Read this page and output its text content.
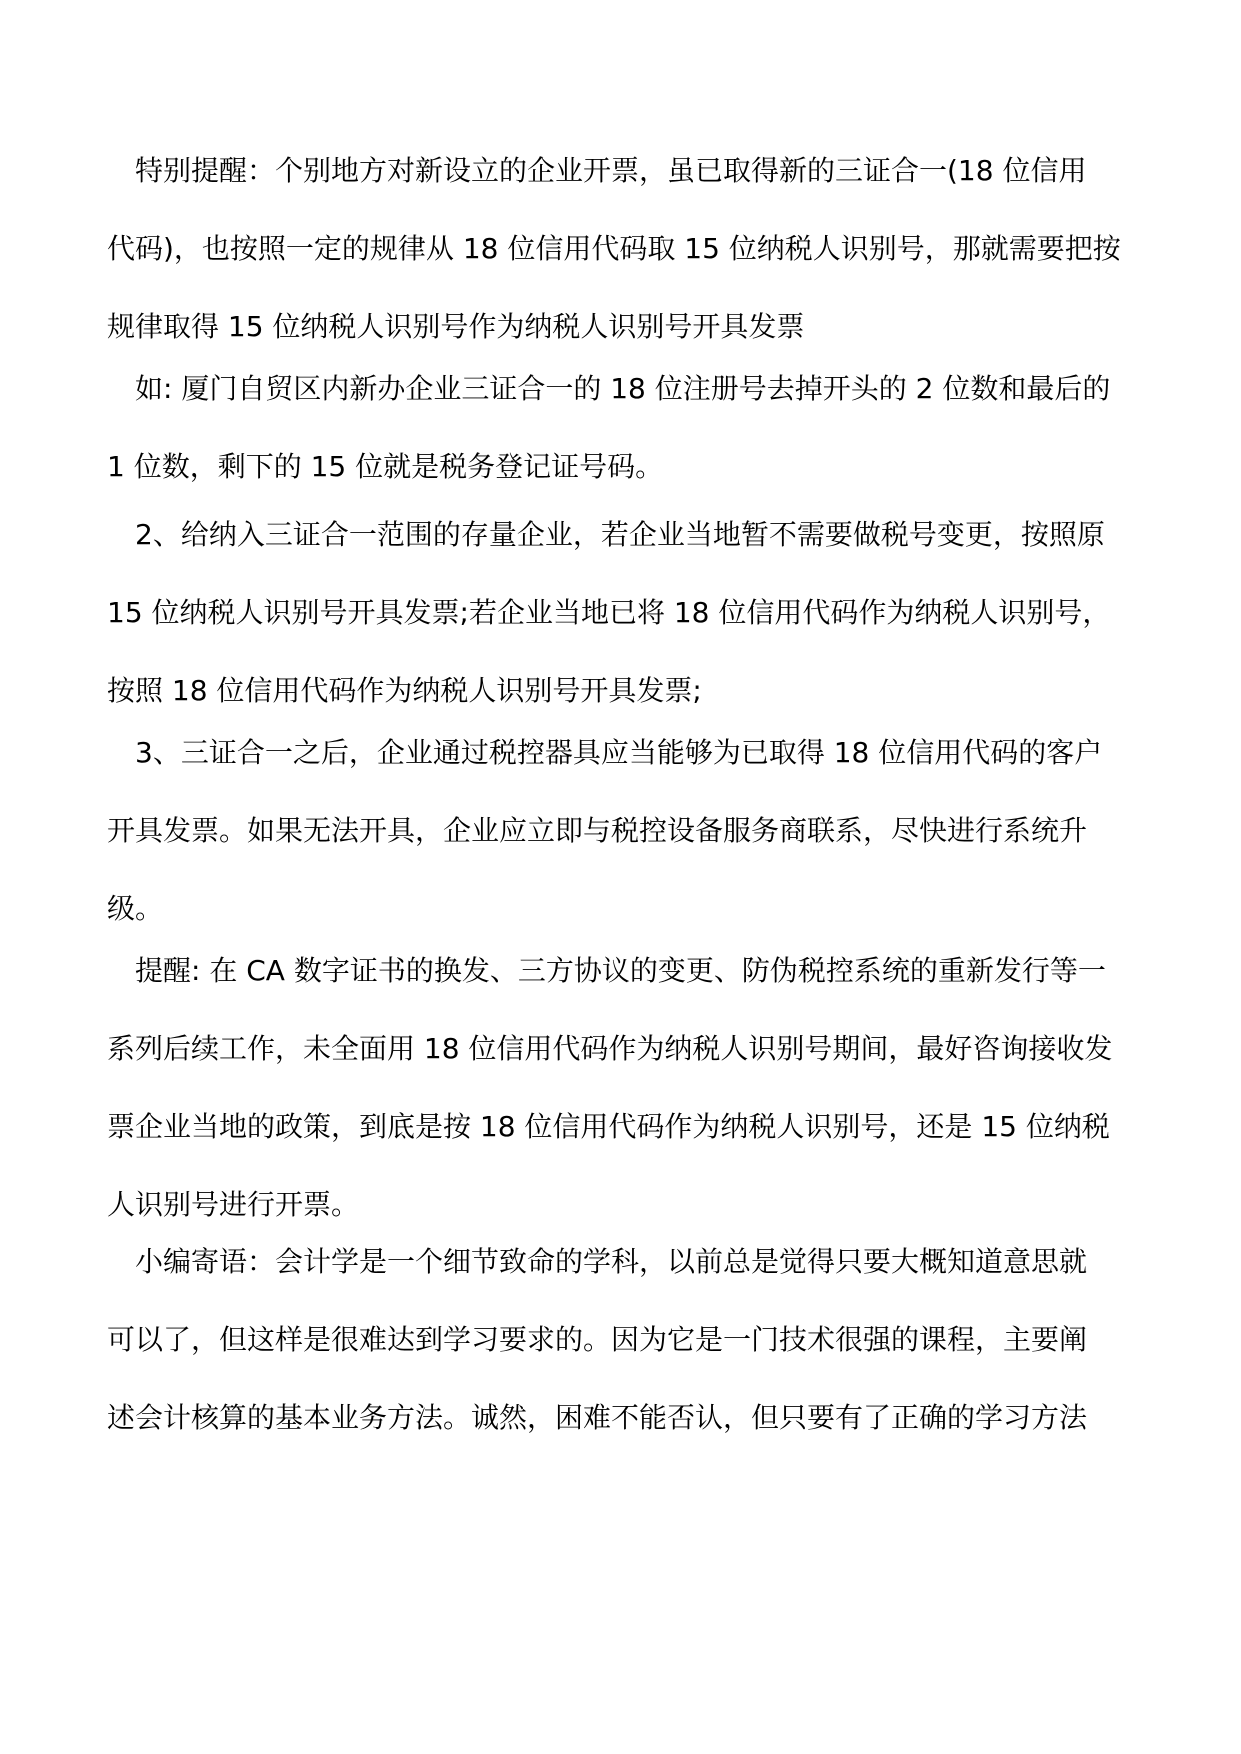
特别提醒：个别地方对新设立的企业开票，虽已取得新的三证合一(18 位信用
代码)，也按照一定的规律从 18 位信用代码取 15 位纳税人识别号，那就需要把按
规律取得 15 位纳税人识别号作为纳税人识别号开具发票
如: 厦门自贸区内新办企业三证合一的 18 位注册号去掉开头的 2 位数和最后的
1 位数，剩下的 15 位就是税务登记证号码。
2、给纳入三证合一范围的存量企业，若企业当地暂不需要做税号变更，按照原
15 位纳税人识别号开具发票;若企业当地已将 18 位信用代码作为纳税人识别号，
按照 18 位信用代码作为纳税人识别号开具发票;
3、三证合一之后，企业通过税控器具应当能够为已取得 18 位信用代码的客户
开具发票。如果无法开具，企业应立即与税控设备服务商联系，尽快进行系统升
级。
提醒: 在 CA 数字证书的换发、三方协议的变更、防伪税控系统的重新发行等一
系列后续工作，未全面用 18 位信用代码作为纳税人识别号期间，最好咨询接收发
票企业当地的政策，到底是按 18 位信用代码作为纳税人识别号，还是 15 位纳税
人识别号进行开票。
小编寄语：会计学是一个细节致命的学科，以前总是觉得只要大概知道意思就
可以了，但这样是很难达到学习要求的。因为它是一门技术很强的课程，主要阐
述会计核算的基本业务方法。诚然，困难不能否认，但只要有了正确的学习方法
